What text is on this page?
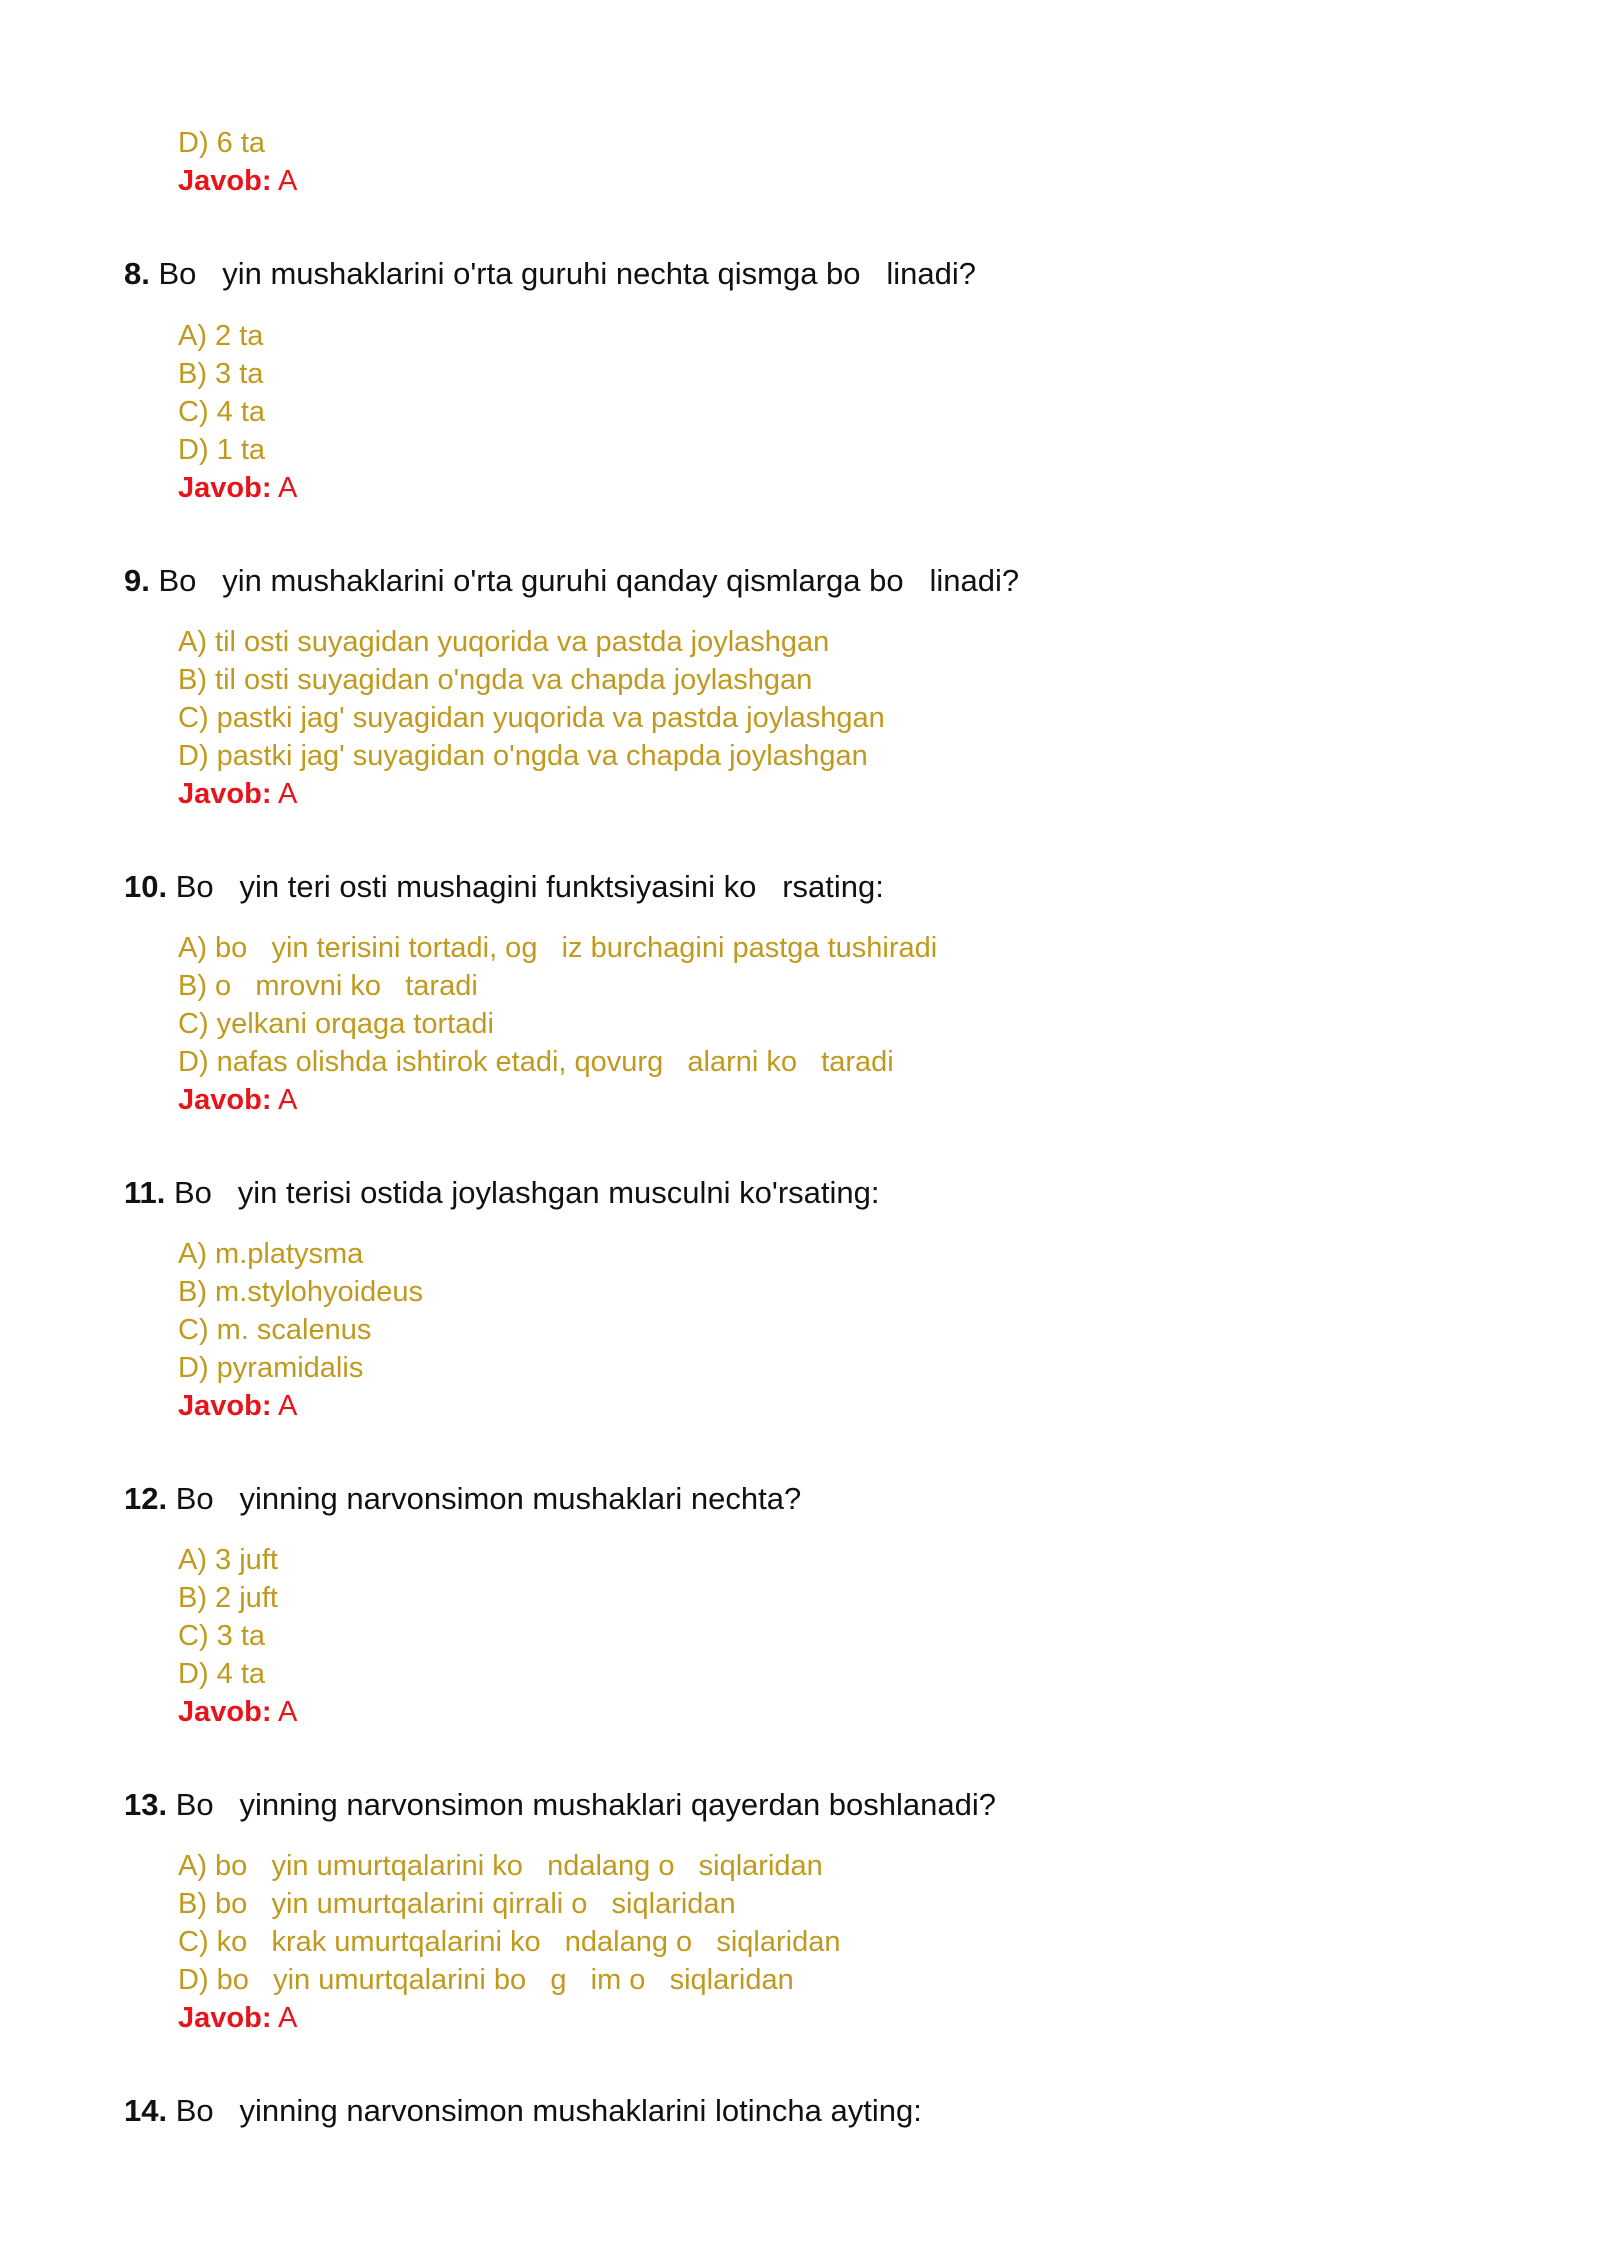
D) 6 ta
Javob: A
8. Bo   yin mushaklarini o'rta guruhi nechta qismga bo   linadi?
A) 2 ta
B) 3 ta
C) 4 ta
D) 1 ta
Javob: A
9. Bo   yin mushaklarini o'rta guruhi qanday qismlarga bo   linadi?
A) til osti suyagidan yuqorida va pastda joylashgan
B) til osti suyagidan o'ngda va chapda joylashgan
C) pastki jag' suyagidan yuqorida va pastda joylashgan
D) pastki jag' suyagidan o'ngda va chapda joylashgan
Javob: A
10. Bo   yin teri osti mushagini funktsiyasini ko   rsating:
A) bo   yin terisini tortadi, og   iz burchagini pastga tushiradi
B) o   mrovni ko   taradi
C) yelkani orqaga tortadi
D) nafas olishda ishtirok etadi, qovurg   alarni ko   taradi
Javob: A
11. Bo   yin terisi ostida joylashgan musculni ko'rsating:
A) m.platysma
B) m.stylohyoideus
C) m. scalenus
D) pyramidalis
Javob: A
12. Bo   yinning narvonsimon mushaklari nechta?
A) 3 juft
B) 2 juft
C) 3 ta
D) 4 ta
Javob: A
13. Bo   yinning narvonsimon mushaklari qayerdan boshlanadi?
A) bo   yin umurtqalarini ko   ndalang o   siqlaridan
B) bo   yin umurtqalarini qirrali o   siqlaridan
C) ko   krak umurtqalarini ko   ndalang o   siqlaridan
D) bo   yin umurtqalarini bo   g   im o   siqlaridan
Javob: A
14. Bo   yinning narvonsimon mushaklarini lotincha ayting:
